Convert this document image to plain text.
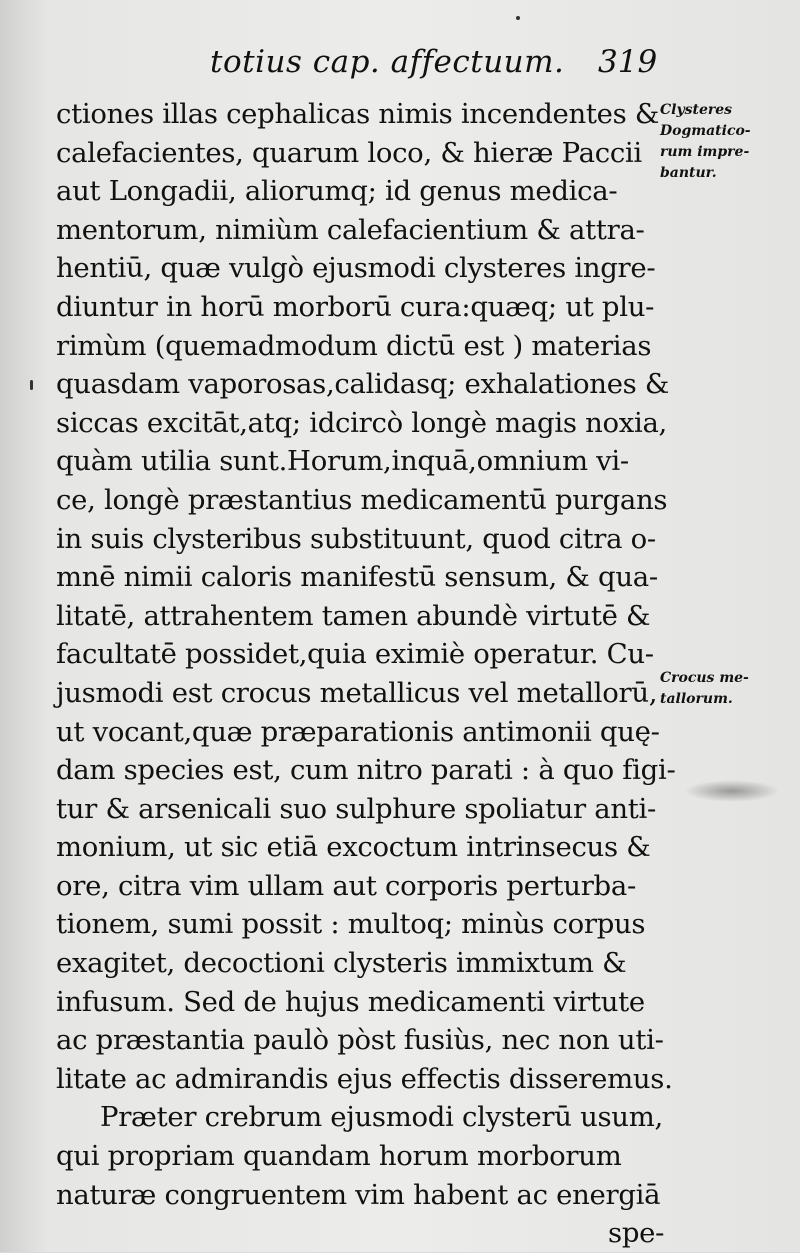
totius cap. affectuum. 319
ctiones illas cephalicas nimis incendentes &
calefacientes, quarum loco, & hieræ Paccii
aut Longadii, aliorumq; id genus medica-
mentorum, nimiùm calefacientium & attra-
hentiū, quæ vulgò ejusmodi clysteres ingre-
diuntur in horū morborū cura:quæq; ut plu-
rimùm (quemadmodum dictū est ) materias
quasdam vaporosas,calidasq; exhalationes &
siccas excitāt,atq; idcircò longè magis noxia,
quàm utilia sunt.Horum,inquā,omnium vi-
ce, longè præstantius medicamentū purgans
in suis clysteribus substituunt, quod citra o-
mnē nimii caloris manifestū sensum, & qua-
litatē, attrahentem tamen abundè virtutē &
facultatē possidet,quia eximiè operatur. Cu-
jusmodi est crocus metallicus vel metallorū,
ut vocant,quæ præparationis antimonii quę-
dam species est, cum nitro parati : à quo figi-
tur & arsenicali suo sulphure spoliatur anti-
monium, ut sic etiā excoctum intrinsecus &
ore, citra vim ullam aut corporis perturba-
tionem, sumi possit : multoq; minùs corpus
exagitet, decoctioni clysteris immixtum &
infusum. Sed de hujus medicamenti virtute
ac præstantia paulò pòst fusiùs, nec non uti-
litate ac admirandis ejus effectis disseremus.
Præter crebrum ejusmodi clysterū usum,
qui propriam quandam horum morborum
naturæ congruentem vim habent ac energiā
spe-
Clysteres
Dogmatico-
rum impre-
bantur.
Crocus me-
tallorum.
